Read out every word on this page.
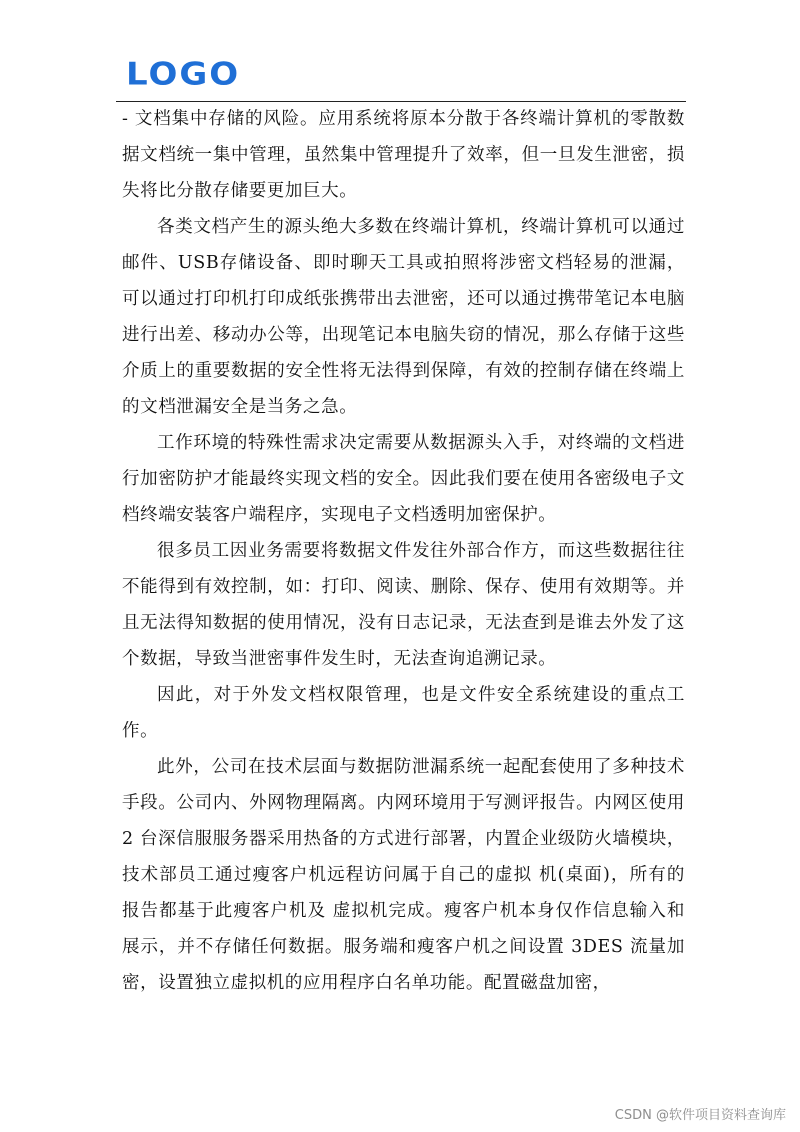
LOGO

- 文档集中存储的风险。应用系统将原本分散于各终端计算机的零散数据文档统一集中管理，虽然集中管理提升了效率，但一旦发生泄密，损失将比分散存储要更加巨大。

各类文档产生的源头绝大多数在终端计算机，终端计算机可以通过邮件、USB存储设备、即时聊天工具或拍照将涉密文档轻易的泄漏，可以通过打印机打印成纸张携带出去泄密，还可以通过携带笔记本电脑进行出差、移动办公等，出现笔记本电脑失窃的情况，那么存储于这些介质上的重要数据的安全性将无法得到保障，有效的控制存储在终端上的文档泄漏安全是当务之急。

工作环境的特殊性需求决定需要从数据源头入手，对终端的文档进行加密防护才能最终实现文档的安全。因此我们要在使用各密级电子文档终端安装客户端程序，实现电子文档透明加密保护。

很多员工因业务需要将数据文件发往外部合作方，而这些数据往往不能得到有效控制，如：打印、阅读、删除、保存、使用有效期等。并且无法得知数据的使用情况，没有日志记录，无法查到是谁去外发了这个数据，导致当泄密事件发生时，无法查询追溯记录。

因此，对于外发文档权限管理，也是文件安全系统建设的重点工作。

此外，公司在技术层面与数据防泄漏系统一起配套使用了多种技术手段。公司内、外网物理隔离。内网环境用于写测评报告。内网区使用 2 台深信服服务器采用热备的方式进行部署，内置企业级防火墙模块，技术部员工通过瘦客户机远程访问属于自己的虚拟 机(桌面)，所有的报告都基于此瘦客户机及 虚拟机完成。瘦客户机本身仅作信息输入和展示，并不存储任何数据。服务端和瘦客户机之间设置 3DES 流量加密，设置独立虚拟机的应用程序白名单功能。配置磁盘加密，

CSDN @软件项目资料查询库
